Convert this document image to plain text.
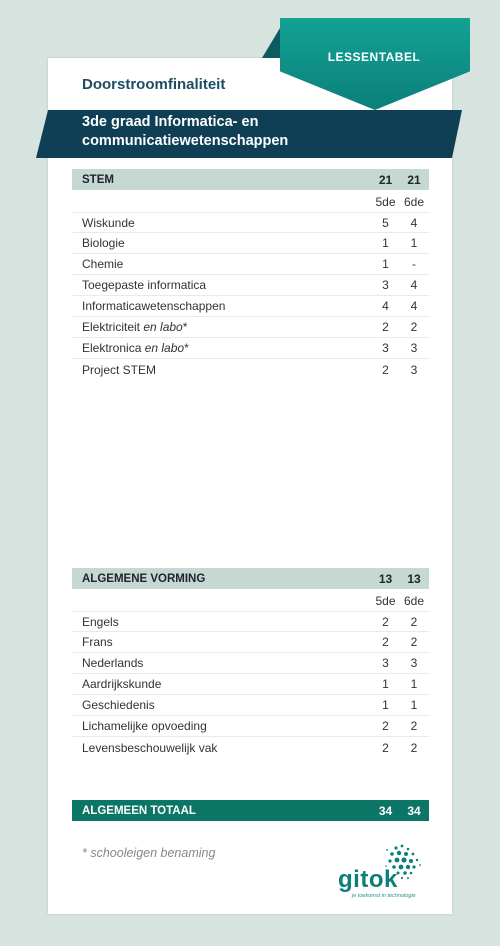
LESSENTABEL
Doorstroomfinaliteit
3de graad Informatica- en
communicatiewetenschappen
STEM	21	21
5de 6de
Wiskunde	5	4
Biologie	1	1
Chemie	1	-
Toegepaste informatica	3	4
Informaticawetenschappen	4	4
Elektriciteit en labo*	2	2
Elektronica en labo*	3	3
Project STEM	2	3
ALGEMENE VORMING	13	13
5de 6de
Engels	2	2
Frans	2	2
Nederlands	3	3
Aardrijkskunde	1	1
Geschiedenis	1	1
Lichamelijke opvoeding	2	2
Levensbeschouwelijk vak	2	2
ALGEMEEN TOTAAL	34	34
* schooleigen benaming
gitok
je toekomst in technologie
